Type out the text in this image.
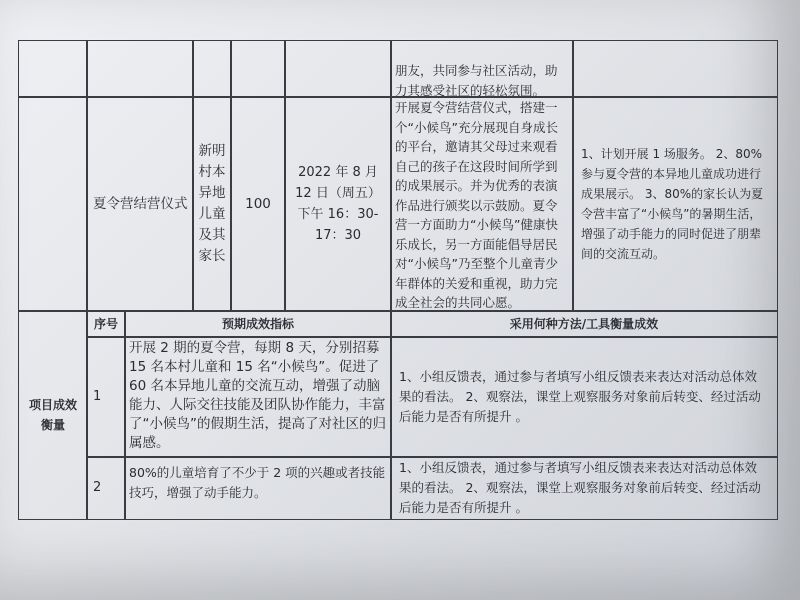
朋友，共同参与社区活动，助力其感受社区的轻松氛围。
夏令营结营仪式
新明村本异地儿童及其家长
100
2022 年 8 月 12 日（周五）下午 16：30-17：30
开展夏令营结营仪式，搭建一个“小候鸟”充分展现自身成长的平台，邀请其父母过来观看自己的孩子在这段时间所学到的成果展示。并为优秀的表演作品进行颁奖以示鼓励。夏令营一方面助力“小候鸟”健康快乐成长，另一方面能倡导居民对“小候鸟”乃至整个儿童青少年群体的关爱和重视，助力完成全社会的共同心愿。
1、计划开展 1 场服务。 2、80%参与夏令营的本异地儿童成功进行成果展示。 3、80%的家长认为夏令营丰富了“小候鸟”的暑期生活，增强了动手能力的同时促进了朋辈间的交流互动。
项目成效衡量
序号	预期成效指标	采用何种方法/工具衡量成效
1
开展 2 期的夏令营，每期 8 天，分别招募 15 名本村儿童和 15 名“小候鸟”。促进了 60 名本异地儿童的交流互动，增强了动脑能力、人际交往技能及团队协作能力，丰富了“小候鸟”的假期生活，提高了对社区的归属感。
1、小组反馈表，通过参与者填写小组反馈表来表达对活动总体效果的看法。 2、观察法，课堂上观察服务对象前后转变、经过活动后能力是否有所提升 。
2
80%的儿童培育了不少于 2 项的兴趣或者技能技巧，增强了动手能力。
1、小组反馈表，通过参与者填写小组反馈表来表达对活动总体效果的看法。 2、观察法，课堂上观察服务对象前后转变、经过活动后能力是否有所提升 。
